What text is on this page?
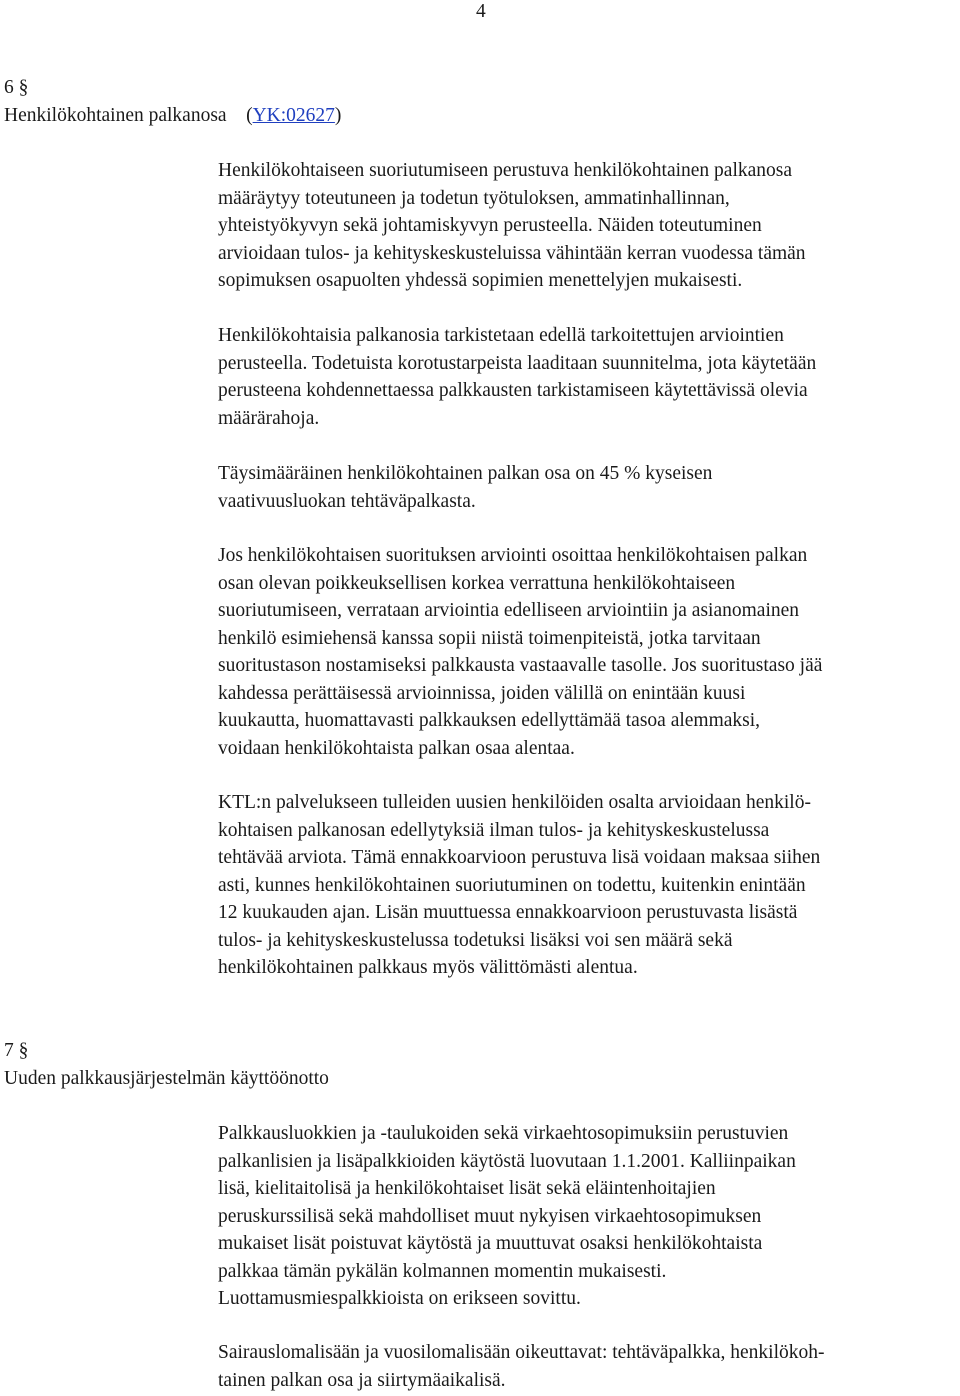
4
6 §
Henkilökohtainen palkanosa (YK:02627)
Henkilökohtaiseen suoriutumiseen perustuva henkilökohtainen palkanosa
määräytyy toteutuneen ja todetun työtuloksen, ammatinhallinnan,
yhteistyökyvyn sekä johtamiskyvyn perusteella. Näiden toteutuminen
arvioidaan tulos- ja kehityskeskusteluissa vähintään kerran vuodessa tämän
sopimuksen osapuolten yhdessä sopimien menettelyjen mukaisesti.
Henkilökohtaisia palkanosia tarkistetaan edellä tarkoitettujen arviointien
perusteella. Todetuista korotustarpeista laaditaan suunnitelma, jota käytetään
perusteena kohdennettaessa palkkausten tarkistamiseen käytettävissä olevia
määrärahoja.
Täysimääräinen henkilökohtainen palkan osa on 45 % kyseisen
vaativuusluokan tehtäväpalkasta.
Jos henkilökohtaisen suorituksen arviointi osoittaa henkilökohtaisen palkan
osan olevan poikkeuksellisen korkea verrattuna henkilökohtaiseen
suoriutumiseen, verrataan arviointia edelliseen arviointiin ja asianomainen
henkilö esimiehensä kanssa sopii niistä toimenpiteistä, jotka tarvitaan
suoritustason nostamiseksi palkkausta vastaavalle tasolle. Jos suoritustaso jää
kahdessa perättäisessä arvioinnissa, joiden välillä on enintään kuusi
kuukautta, huomattavasti palkkauksen edellyttämää tasoa alemmaksi,
voidaan henkilökohtaista palkan osaa alentaa.
KTL:n palvelukseen tulleiden uusien henkilöiden osalta arvioidaan henkilö-
kohtaisen palkanosan edellytyksiä ilman tulos- ja kehityskeskustelussa
tehtävää arviota. Tämä ennakkoarvioon perustuva lisä voidaan maksaa siihen
asti, kunnes henkilökohtainen suoriutuminen on todettu, kuitenkin enintään
12 kuukauden ajan. Lisän muuttuessa ennakkoarvioon perustuvasta lisästä
tulos- ja kehityskeskustelussa todetuksi lisäksi voi sen määrä sekä
henkilökohtainen palkkaus myös välittömästi alentua.
7 §
Uuden palkkausjärjestelmän käyttöönotto
Palkkausluokkien ja -taulukoiden sekä virkaehtosopimuksiin perustuvien
palkanlisien ja lisäpalkkioiden käytöstä luovutaan 1.1.2001. Kalliinpaikan
lisä, kielitaitolisä ja henkilökohtaiset lisät sekä eläintenhoitajien
peruskurssilisä sekä mahdolliset muut nykyisen virkaehtosopimuksen
mukaiset lisät poistuvat käytöstä ja muuttuvat osaksi henkilökohtaista
palkkaa tämän pykälän kolmannen momentin mukaisesti.
Luottamusmiespalkkioista on erikseen sovittu.
Sairauslomalisään ja vuosilomalisään oikeuttavat: tehtäväpalkka, henkilökoh-
tainen palkan osa ja siirtymäaikalisä.
